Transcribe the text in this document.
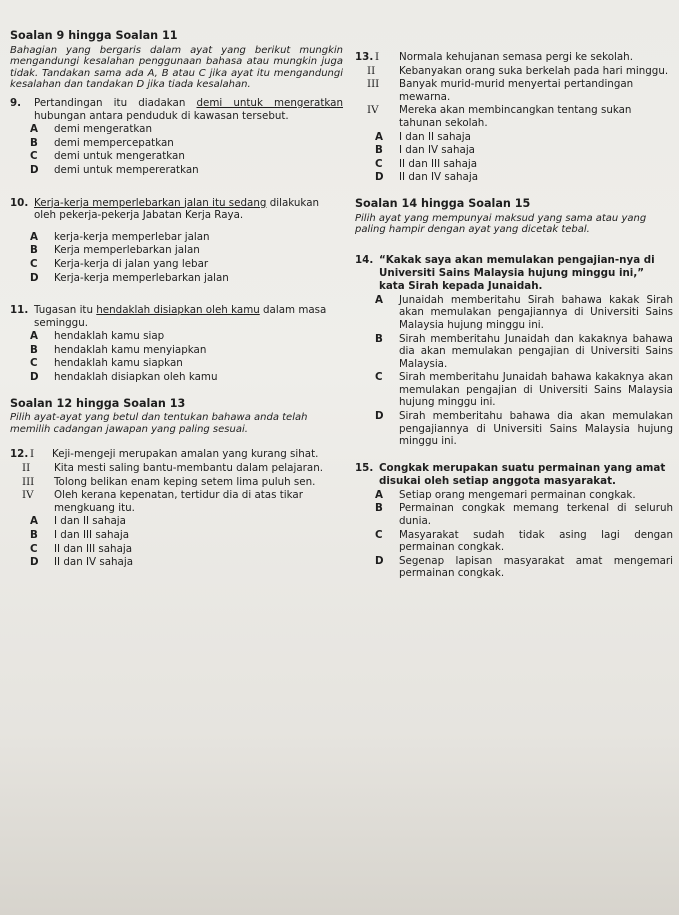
Soalan 9 hingga Soalan 11
Bahagian yang bergaris dalam ayat yang berikut mungkin mengandungi kesalahan penggunaan bahasa atau mungkin juga tidak. Tandakan sama ada A, B atau C jika ayat itu mengandungi kesalahan dan tandakan D jika tiada kesalahan.
9.	Pertandingan itu diadakan demi untuk mengeratkan hubungan antara penduduk di kawasan tersebut.
A	demi mengeratkan
B	demi mempercepatkan
C	demi untuk mengeratkan
D	demi untuk mempereratkan
10. Kerja-kerja memperlebarkan jalan itu sedang dilakukan oleh pekerja-pekerja Jabatan Kerja Raya.
A	kerja-kerja memperlebar jalan
B	Kerja memperlebarkan jalan
C	Kerja-kerja di jalan yang lebar
D	Kerja-kerja memperlebarkan jalan
11. Tugasan itu hendaklah disiapkan oleh kamu dalam masa seminggu.
A	hendaklah kamu siap
B	hendaklah kamu menyiapkan
C	hendaklah kamu siapkan
D	hendaklah disiapkan oleh kamu
Soalan 12 hingga Soalan 13
Pilih ayat-ayat yang betul dan tentukan bahawa anda telah memilih cadangan jawapan yang paling sesuai.
12. I	Keji-mengeji merupakan amalan yang kurang sihat.
II	Kita mesti saling bantu-membantu dalam pelajaran.
III	Tolong belikan enam keping setem lima puluh sen.
IV	Oleh kerana kepenatan, tertidur dia di atas tikar mengkuang itu.
A	I dan II sahaja
B	I dan III sahaja
C	II dan III sahaja
D	II dan IV sahaja
13. I	Normala kehujanan semasa pergi ke sekolah.
II	Kebanyakan orang suka berkelah pada hari minggu.
III	Banyak murid-murid menyertai pertandingan mewarna.
IV	Mereka akan membincangkan tentang sukan tahunan sekolah.
A	I dan II sahaja
B	I dan IV sahaja
C	II dan III sahaja
D	II dan IV sahaja
Soalan 14 hingga Soalan 15
Pilih ayat yang mempunyai maksud yang sama atau yang paling hampir dengan ayat yang dicetak tebal.
14. “Kakak saya akan memulakan pengajian-nya di Universiti Sains Malaysia hujung minggu ini,” kata Sirah kepada Junaidah.
A	Junaidah memberitahu Sirah bahawa kakak Sirah akan memulakan pengajiannya di Universiti Sains Malaysia hujung minggu ini.
B	Sirah memberitahu Junaidah dan kakaknya bahawa dia akan memulakan pengajian di Universiti Sains Malaysia.
C	Sirah memberitahu Junaidah bahawa kakaknya akan memulakan pengajian di Universiti Sains Malaysia hujung minggu ini.
D	Sirah memberitahu bahawa dia akan memulakan pengajiannya di Universiti Sains Malaysia hujung minggu ini.
15. Congkak merupakan suatu permainan yang amat disukai oleh setiap anggota masyarakat.
A	Setiap orang mengemari permainan congkak.
B	Permainan congkak memang terkenal di seluruh dunia.
C	Masyarakat sudah tidak asing lagi dengan permainan congkak.
D	Segenap lapisan masyarakat amat mengemari permainan congkak.
